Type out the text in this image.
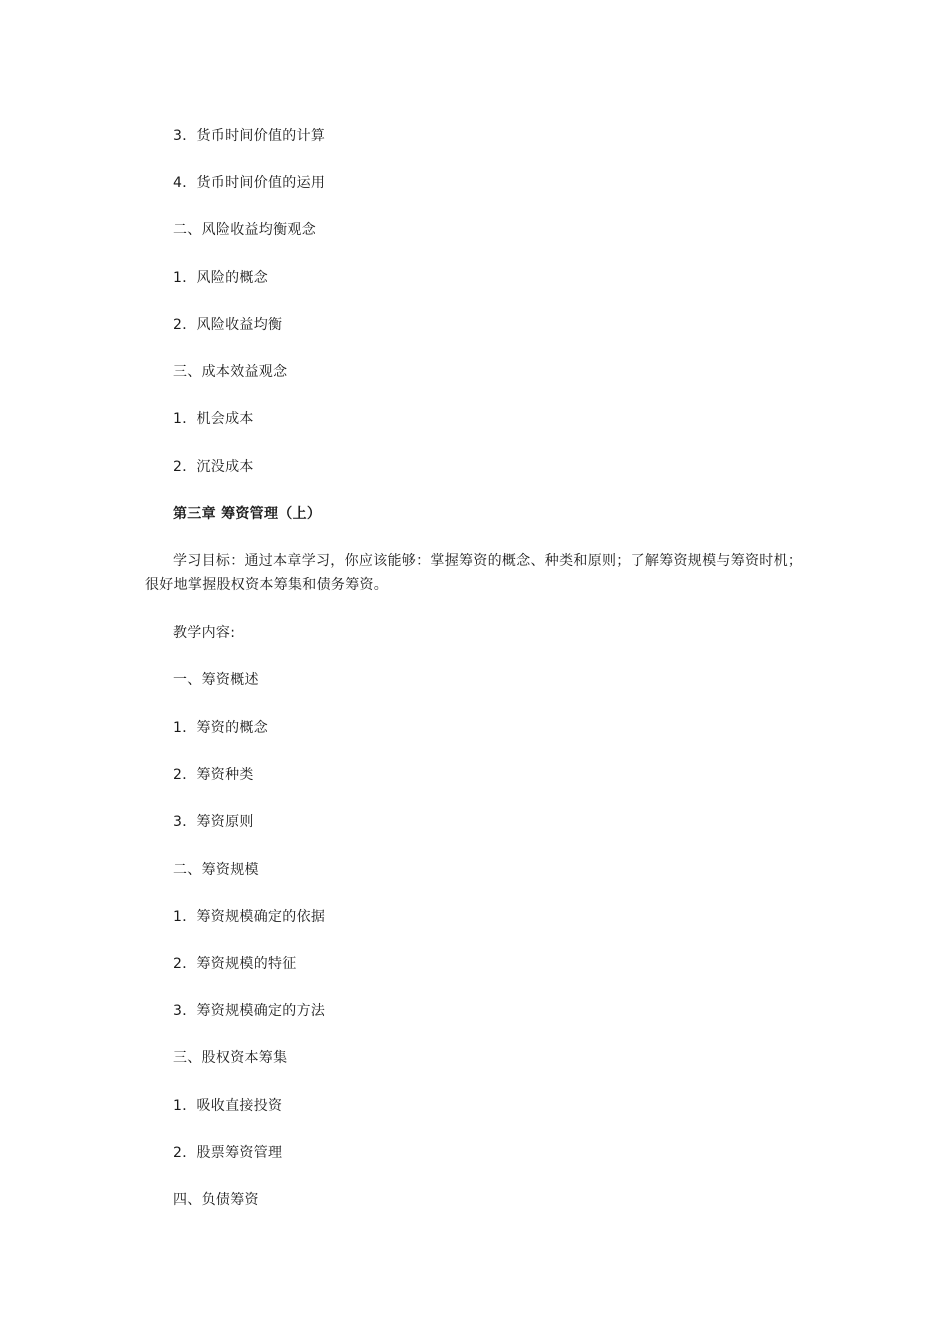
3．货币时间价值的计算
4．货币时间价值的运用
二、风险收益均衡观念
1．风险的概念
2．风险收益均衡
三、成本效益观念
1．机会成本
2．沉没成本
第三章 筹资管理（上）
学习目标：通过本章学习，你应该能够：掌握筹资的概念、种类和原则；了解筹资规模与筹资时机；很好地掌握股权资本筹集和债务筹资。
教学内容:
一、筹资概述
1．筹资的概念
2．筹资种类
3．筹资原则
二、筹资规模
1．筹资规模确定的依据
2．筹资规模的特征
3．筹资规模确定的方法
三、股权资本筹集
1．吸收直接投资
2．股票筹资管理
四、负债筹资
